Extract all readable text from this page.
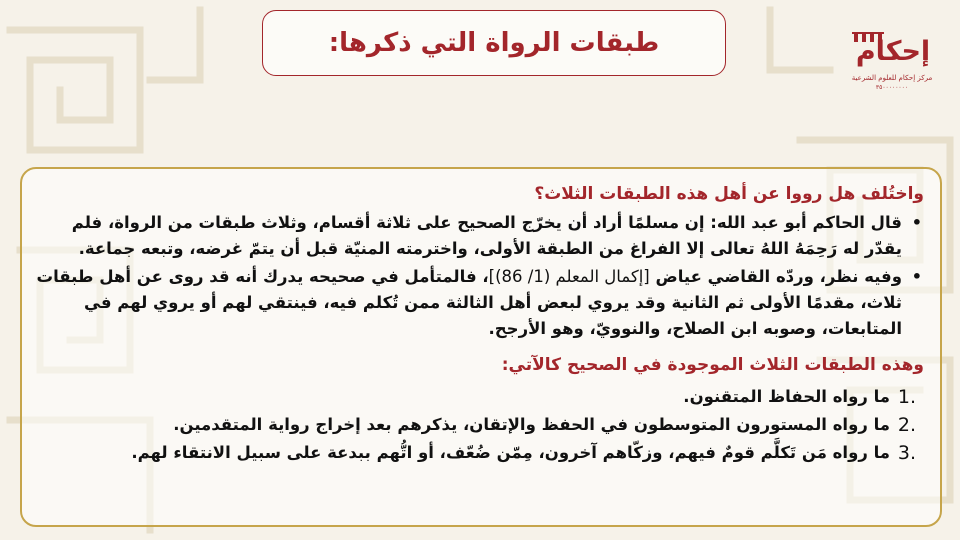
طبقات الرواة التي ذكرها:	إحكام
مركز إحكام للعلوم الشرعية
٣٥٠٠٠٠٠٠٠٠

واختُلف هل رووا عن أهل هذه الطبقات الثلاث؟

• قال الحاكم أبو عبد الله: إن مسلمًا أراد أن يخرّج الصحيح على ثلاثة أقسام، وثلاث طبقات من الرواة، فلم يقدّر له رَحِمَهُ اللهُ تعالى إلا الفراغ من الطبقة الأولى، واخترمته المنيّة قبل أن يتمّ غرضه، وتبعه جماعة.
• وفيه نظر، وردّه القاضي عياض [إكمال المعلم (1/ 86)]، فالمتأمل في صحيحه يدرك أنه قد روى عن أهل طبقات ثلاث، مقدمًا الأولى ثم الثانية وقد يروي لبعض أهل الثالثة ممن تُكلم فيه، فينتقي لهم أو يروي لهم في المتابعات، وصوبه ابن الصلاح، والنوويّ، وهو الأرجح.

وهذه الطبقات الثلاث الموجودة في الصحيح كالآتي:

1.
ما رواه الحفاظ المتقنون.
2.
ما رواه المستورون المتوسطون في الحفظ والإتقان، يذكرهم بعد إخراج رواية المتقدمين.
3.
ما رواه مَن تَكلَّم قومٌ فيهم، وزكّاهم آخرون، مِمّن ضُعّف، أو اتُّهم ببدعة على سبيل الانتقاء لهم.
